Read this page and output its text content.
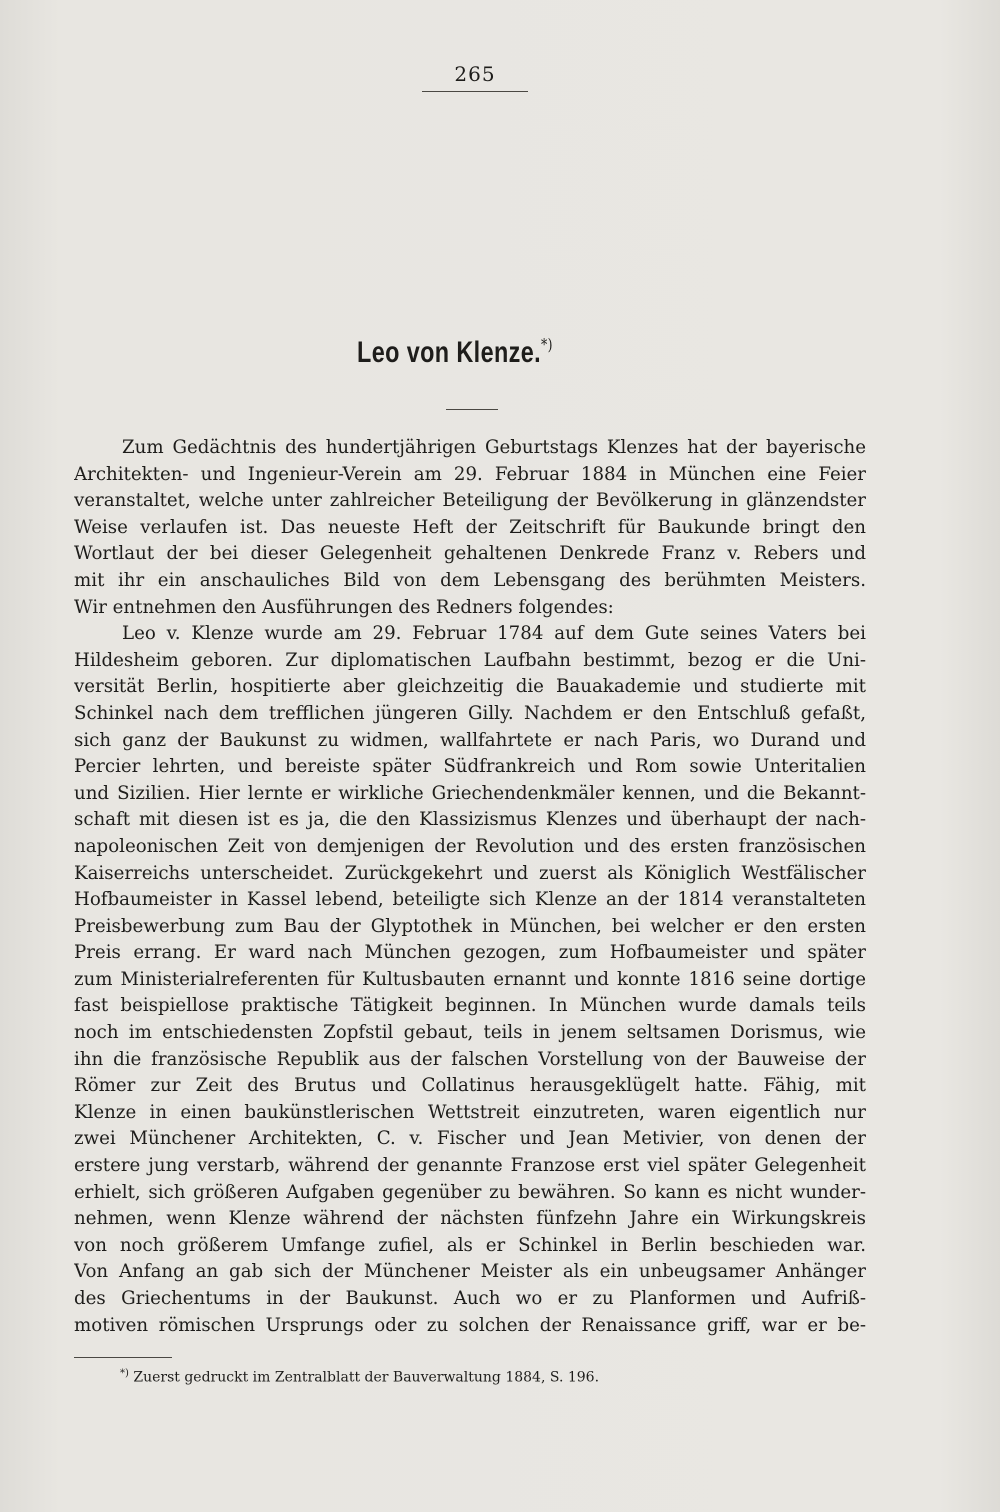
265
Leo von Klenze.*)
Zum Gedächtnis des hundertjährigen Geburtstags Klenzes hat der bayerische
Architekten- und Ingenieur-Verein am 29. Februar 1884 in München eine Feier
veranstaltet, welche unter zahlreicher Beteiligung der Bevölkerung in glänzendster
Weise verlaufen ist. Das neueste Heft der Zeitschrift für Baukunde bringt den
Wortlaut der bei dieser Gelegenheit gehaltenen Denkrede Franz v. Rebers und
mit ihr ein anschauliches Bild von dem Lebensgang des berühmten Meisters.
Wir entnehmen den Ausführungen des Redners folgendes:
Leo v. Klenze wurde am 29. Februar 1784 auf dem Gute seines Vaters bei
Hildesheim geboren. Zur diplomatischen Laufbahn bestimmt, bezog er die Uni-
versität Berlin, hospitierte aber gleichzeitig die Bauakademie und studierte mit
Schinkel nach dem trefflichen jüngeren Gilly. Nachdem er den Entschluß gefaßt,
sich ganz der Baukunst zu widmen, wallfahrtete er nach Paris, wo Durand und
Percier lehrten, und bereiste später Südfrankreich und Rom sowie Unteritalien
und Sizilien. Hier lernte er wirkliche Griechendenkmäler kennen, und die Bekannt-
schaft mit diesen ist es ja, die den Klassizismus Klenzes und überhaupt der nach-
napoleonischen Zeit von demjenigen der Revolution und des ersten französischen
Kaiserreichs unterscheidet. Zurückgekehrt und zuerst als Königlich Westfälischer
Hofbaumeister in Kassel lebend, beteiligte sich Klenze an der 1814 veranstalteten
Preisbewerbung zum Bau der Glyptothek in München, bei welcher er den ersten
Preis errang. Er ward nach München gezogen, zum Hofbaumeister und später
zum Ministerialreferenten für Kultusbauten ernannt und konnte 1816 seine dortige
fast beispiellose praktische Tätigkeit beginnen. In München wurde damals teils
noch im entschiedensten Zopfstil gebaut, teils in jenem seltsamen Dorismus, wie
ihn die französische Republik aus der falschen Vorstellung von der Bauweise der
Römer zur Zeit des Brutus und Collatinus herausgeklügelt hatte. Fähig, mit
Klenze in einen baukünstlerischen Wettstreit einzutreten, waren eigentlich nur
zwei Münchener Architekten, C. v. Fischer und Jean Metivier, von denen der
erstere jung verstarb, während der genannte Franzose erst viel später Gelegenheit
erhielt, sich größeren Aufgaben gegenüber zu bewähren. So kann es nicht wunder-
nehmen, wenn Klenze während der nächsten fünfzehn Jahre ein Wirkungskreis
von noch größerem Umfange zufiel, als er Schinkel in Berlin beschieden war.
Von Anfang an gab sich der Münchener Meister als ein unbeugsamer Anhänger
des Griechentums in der Baukunst. Auch wo er zu Planformen und Aufriß-
motiven römischen Ursprungs oder zu solchen der Renaissance griff, war er be-
*) Zuerst gedruckt im Zentralblatt der Bauverwaltung 1884, S. 196.
